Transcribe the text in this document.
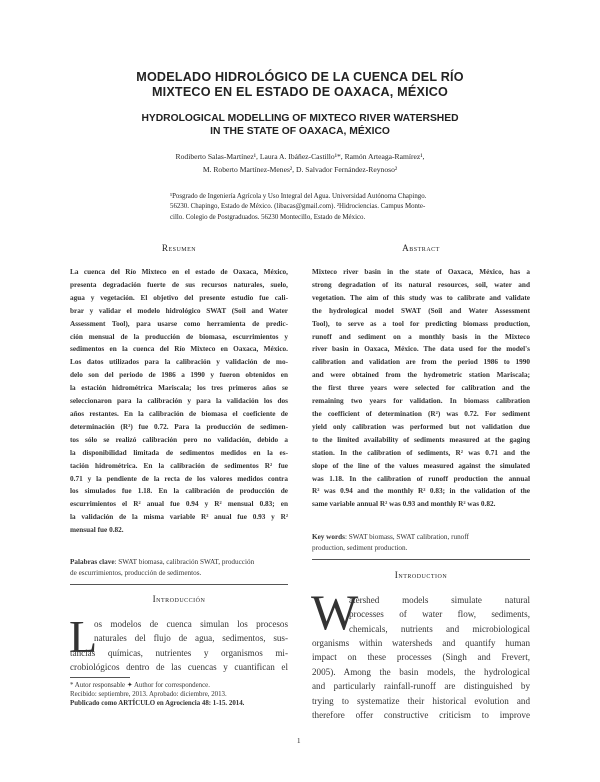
MODELADO HIDROLÓGICO DE LA CUENCA DEL RÍO
MIXTECO EN EL ESTADO DE OAXACA, MÉXICO
HYDROLOGICAL MODELLING OF MIXTECO RIVER WATERSHED
IN THE STATE OF OAXACA, MÉXICO
Rodiberto Salas-Martínez¹, Laura A. Ibáñez-Castillo¹*, Ramón Arteaga-Ramírez¹,
M. Roberto Martínez-Menes², D. Salvador Fernández-Reynoso²
¹Posgrado de Ingeniería Agrícola y Uso Integral del Agua. Universidad Autónoma Chapingo.
56230. Chapingo, Estado de México. (libacas@gmail.com). ²Hidrociencias. Campus Monte-
cillo. Colegio de Postgraduados. 56230 Montecillo, Estado de México.
Resumen
La cuenca del Río Mixteco en el estado de Oaxaca, México,
presenta degradación fuerte de sus recursos naturales, suelo,
agua y vegetación. El objetivo del presente estudio fue cali-
brar y validar el modelo hidrológico SWAT (Soil and Water
Assessment Tool), para usarse como herramienta de predic-
ción mensual de la producción de biomasa, escurrimientos y
sedimentos en la cuenca del Río Mixteco en Oaxaca, México.
Los datos utilizados para la calibración y validación de mo-
delo son del periodo de 1986 a 1990 y fueron obtenidos en
la estación hidrométrica Mariscala; los tres primeros años se
seleccionaron para la calibración y para la validación los dos
años restantes. En la calibración de biomasa el coeficiente de
determinación (R²) fue 0.72. Para la producción de sedimen-
tos sólo se realizó calibración pero no validación, debido a
la disponibilidad limitada de sedimentos medidos en la es-
tación hidrométrica. En la calibración de sedimentos R² fue
0.71 y la pendiente de la recta de los valores medidos contra
los simulados fue 1.18. En la calibración de producción de
escurrimientos el R² anual fue 0.94 y R² mensual 0.83; en
la validación de la misma variable R² anual fue 0.93 y R²
mensual fue 0.82.
Palabras clave: SWAT biomasa, calibración SWAT, producción
de escurrimientos, producción de sedimentos.
Introducción
L
os modelos de cuenca simulan los procesos
naturales del flujo de agua, sedimentos, sus-
tancias químicas, nutrientes y organismos mi-
crobiológicos dentro de las cuencas y cuantifican el
* Autor responsable ✦ Author for correspondence.
Recibido: septiembre, 2013. Aprobado: diciembre, 2013.
Publicado como ARTÍCULO en Agrociencia 48: 1-15. 2014.
Abstract
Mixteco river basin in the state of Oaxaca, México, has a
strong degradation of its natural resources, soil, water and
vegetation. The aim of this study was to calibrate and validate
the hydrological model SWAT (Soil and Water Assessment
Tool), to serve as a tool for predicting biomass production,
runoff and sediment on a monthly basis in the Mixteco
river basin in Oaxaca, México. The data used for the model's
calibration and validation are from the period 1986 to 1990
and were obtained from the hydrometric station Mariscala;
the first three years were selected for calibration and the
remaining two years for validation. In biomass calibration
the coefficient of determination (R²) was 0.72. For sediment
yield only calibration was performed but not validation due
to the limited availability of sediments measured at the gaging
station. In the calibration of sediments, R² was 0.71 and the
slope of the line of the values measured against the simulated
was 1.18. In the calibration of runoff production the annual
R² was 0.94 and the monthly R² 0.83; in the validation of the
same variable annual R² was 0.93 and monthly R² was 0.82.
Key words: SWAT biomass, SWAT calibration, runoff
production, sediment production.
Introduction
W
atershed models simulate natural
processes of water flow, sediments,
chemicals, nutrients and microbiological
organisms within watersheds and quantify human
impact on these processes (Singh and Frevert,
2005). Among the basin models, the hydrological
and particularly rainfall-runoff are distinguished by
trying to systematize their historical evolution and
therefore offer constructive criticism to improve
1
